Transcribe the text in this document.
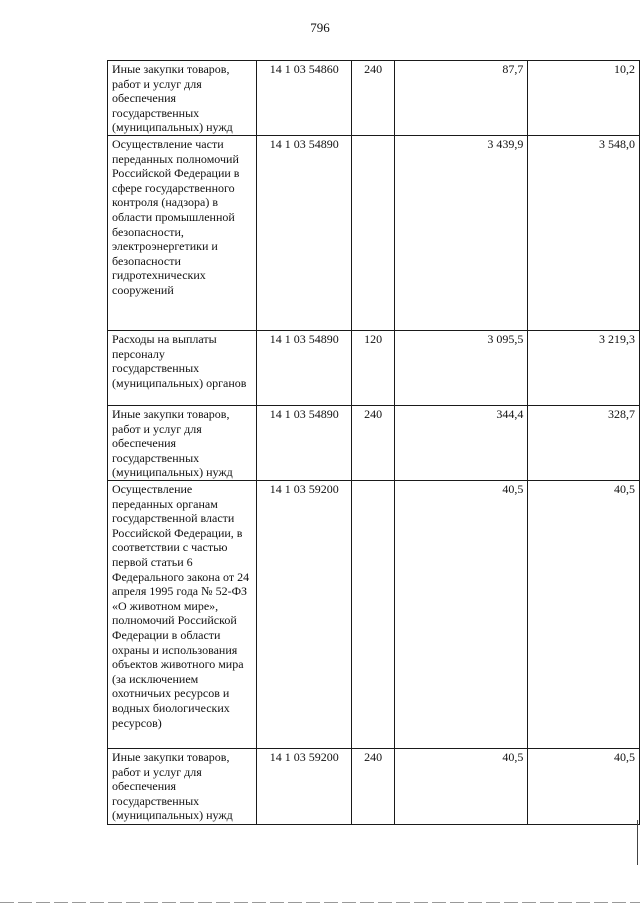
796
Иные закупки товаров, работ и услуг для обеспечения государственных (муниципальных) нужд	14 1 03 54860	240	87,7	10,2
Осуществление части переданных полномочий Российской Федерации в сфере государственного контроля (надзора) в области промышленной безопасности, электроэнергетики и безопасности гидротехнических сооружений	14 1 03 54890		3 439,9	3 548,0
Расходы на выплаты персоналу государственных (муниципальных) органов	14 1 03 54890	120	3 095,5	3 219,3
Иные закупки товаров, работ и услуг для обеспечения государственных (муниципальных) нужд	14 1 03 54890	240	344,4	328,7
Осуществление переданных органам государственной власти Российской Федерации, в соответствии с частью первой статьи 6 Федерального закона от 24 апреля 1995 года № 52-ФЗ «О животном мире», полномочий Российской Федерации в области охраны и использования объектов животного мира (за исключением охотничьих ресурсов и водных биологических ресурсов)	14 1 03 59200		40,5	40,5
Иные закупки товаров, работ и услуг для обеспечения государственных (муниципальных) нужд	14 1 03 59200	240	40,5	40,5
